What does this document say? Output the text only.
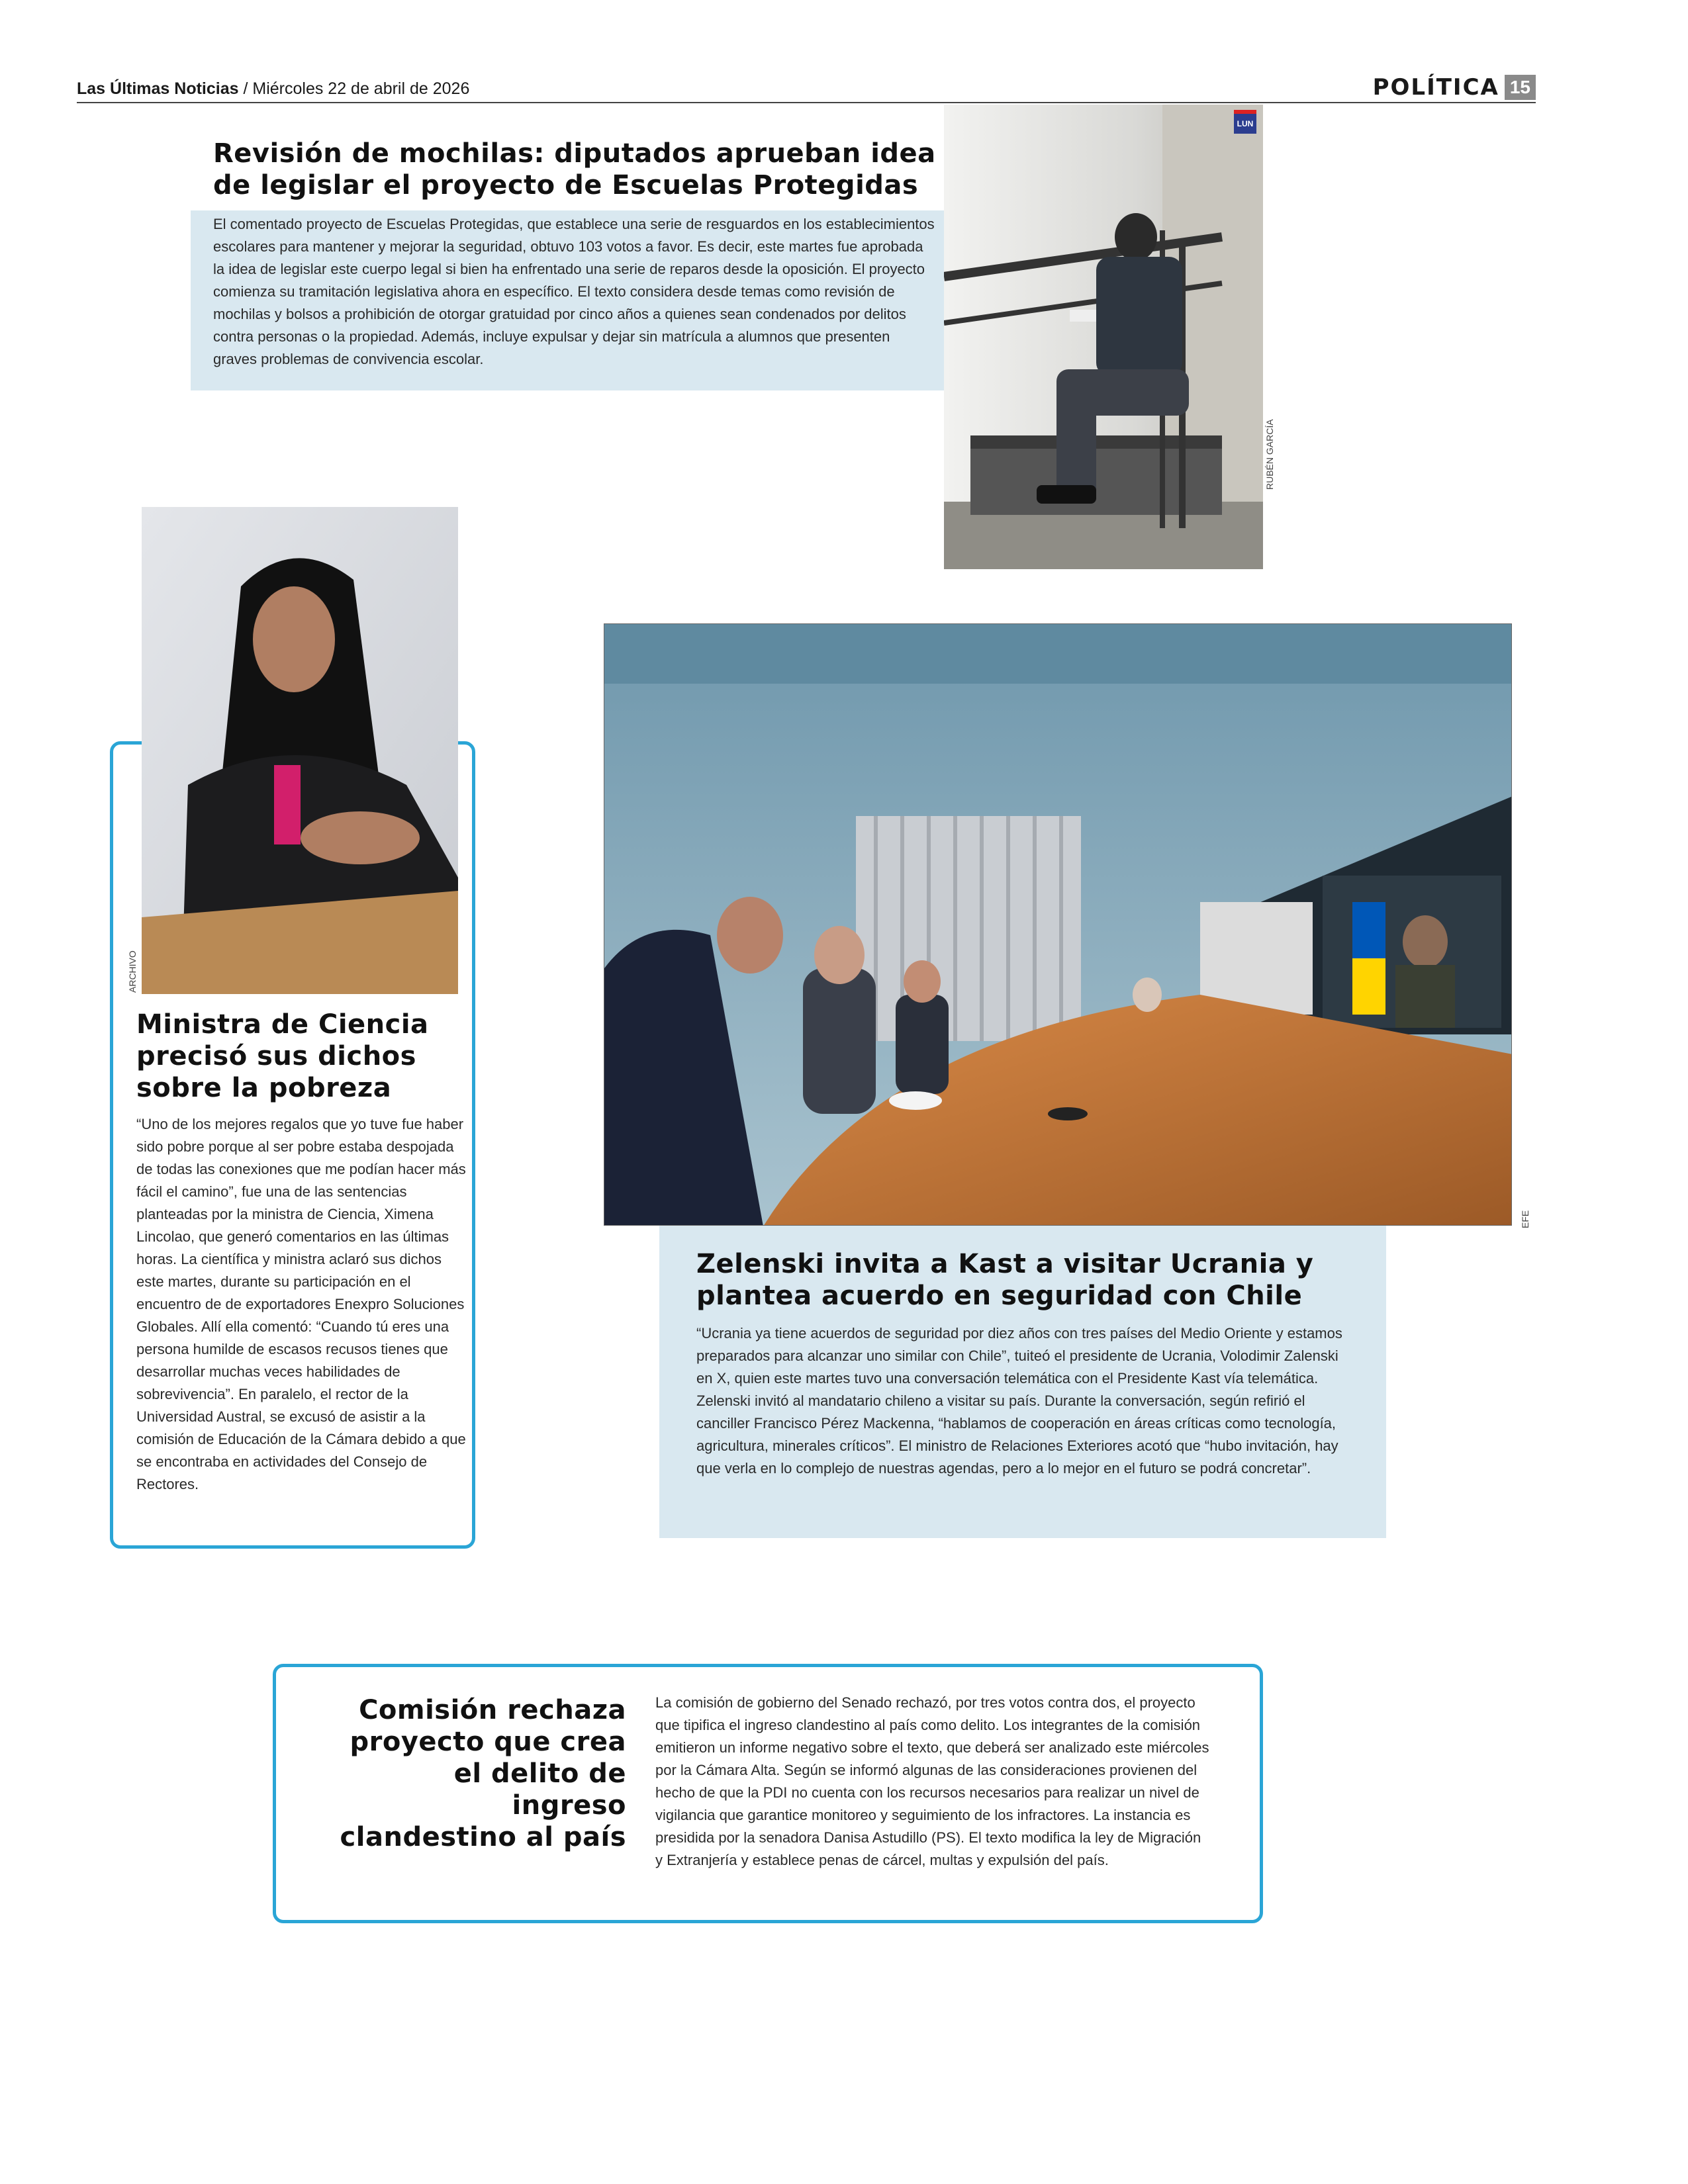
Las Últimas Noticias / Miércoles 22 de abril de 2026	POLÍTICA 15
Revisión de mochilas: diputados aprueban idea de legislar el proyecto de Escuelas Protegidas

El comentado proyecto de Escuelas Protegidas, que establece una serie de resguardos en los establecimientos escolares para mantener y mejorar la seguridad, obtuvo 103 votos a favor. Es decir, este martes fue aprobada la idea de legislar este cuerpo legal si bien ha enfrentado una serie de reparos desde la oposición. El proyecto comienza su tramitación legislativa ahora en específico. El texto considera desde temas como revisión de mochilas y bolsos a prohibición de otorgar gratuidad por cinco años a quienes sean condenados por delitos contra personas o la propiedad. Además, incluye expulsar y dejar sin matrícula a alumnos que presenten graves problemas de convivencia escolar.

LUN
RUBÉN GARCÍA
ARCHIVO
Ministra de Ciencia precisó sus dichos sobre la pobreza

“Uno de los mejores regalos que yo tuve fue haber sido pobre porque al ser pobre estaba despojada de todas las conexiones que me podían hacer más fácil el camino”, fue una de las sentencias planteadas por la ministra de Ciencia, Ximena Lincolao, que generó comentarios en las últimas horas. La científica y ministra aclaró sus dichos este martes, durante su participación en el encuentro de de exportadores Enexpro Soluciones Globales. Allí ella comentó: “Cuando tú eres una persona humilde de escasos recusos tienes que desarrollar muchas veces habilidades de sobrevivencia”. En paralelo, el rector de la Universidad Austral, se excusó de asistir a la comisión de Educación de la Cámara debido a que se encontraba en actividades del Consejo de Rectores.

EFE
Zelenski invita a Kast a visitar Ucrania y plantea acuerdo en seguridad con Chile

“Ucrania ya tiene acuerdos de seguridad por diez años con tres países del Medio Oriente y estamos preparados para alcanzar uno similar con Chile”, tuiteó el presidente de Ucrania, Volodimir Zalenski en X, quien este martes tuvo una conversación telemática con el Presidente Kast vía telemática. Zelenski invitó al mandatario chileno a visitar su país. Durante la conversación, según refirió el canciller Francisco Pérez Mackenna, “hablamos de cooperación en áreas críticas como tecnología, agricultura, minerales críticos”. El ministro de Relaciones Exteriores acotó que “hubo invitación, hay que verla en lo complejo de nuestras agendas, pero a lo mejor en el futuro se podrá concretar”.

Comisión rechaza proyecto que crea el delito de ingreso clandestino al país

La comisión de gobierno del Senado rechazó, por tres votos contra dos, el proyecto que tipifica el ingreso clandestino al país como delito. Los integrantes de la comisión emitieron un informe negativo sobre el texto, que deberá ser analizado este miércoles por la Cámara Alta. Según se informó algunas de las consideraciones provienen del hecho de que la PDI no cuenta con los recursos necesarios para realizar un nivel de vigilancia que garantice monitoreo y seguimiento de los infractores. La instancia es presidida por la senadora Danisa Astudillo (PS). El texto modifica la ley de Migración y Extranjería y establece penas de cárcel, multas y expulsión del país.
